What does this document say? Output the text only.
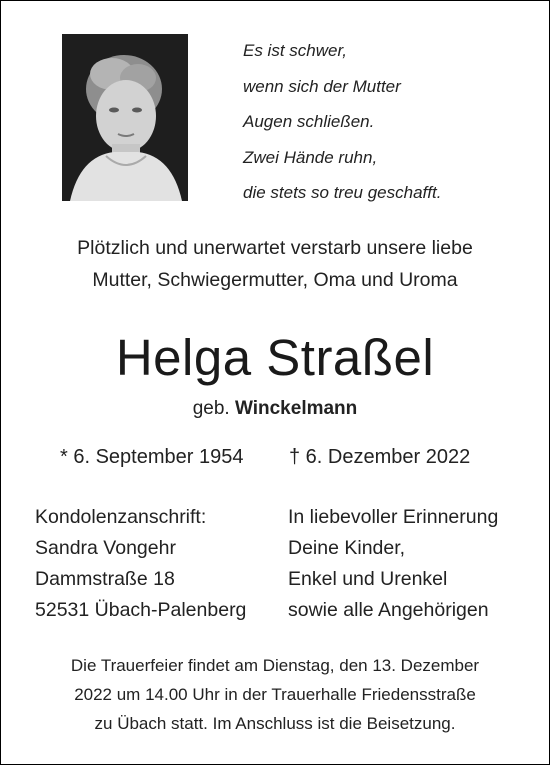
Es ist schwer,
wenn sich der Mutter
Augen schließen.
Zwei Hände ruhn,
die stets so treu geschafft.
Plötzlich und unerwartet verstarb unsere liebe
Mutter, Schwiegermutter, Oma und Uroma
Helga Straßel
geb. Winckelmann
* 6. September 1954 † 6. Dezember 2022
Kondolenzanschrift:
Sandra Vongehr
Dammstraße 18
52531 Übach-Palenberg
In liebevoller Erinnerung
Deine Kinder,
Enkel und Urenkel
sowie alle Angehörigen
Die Trauerfeier findet am Dienstag, den 13. Dezember
2022 um 14.00 Uhr in der Trauerhalle Friedensstraße
zu Übach statt. Im Anschluss ist die Beisetzung.
